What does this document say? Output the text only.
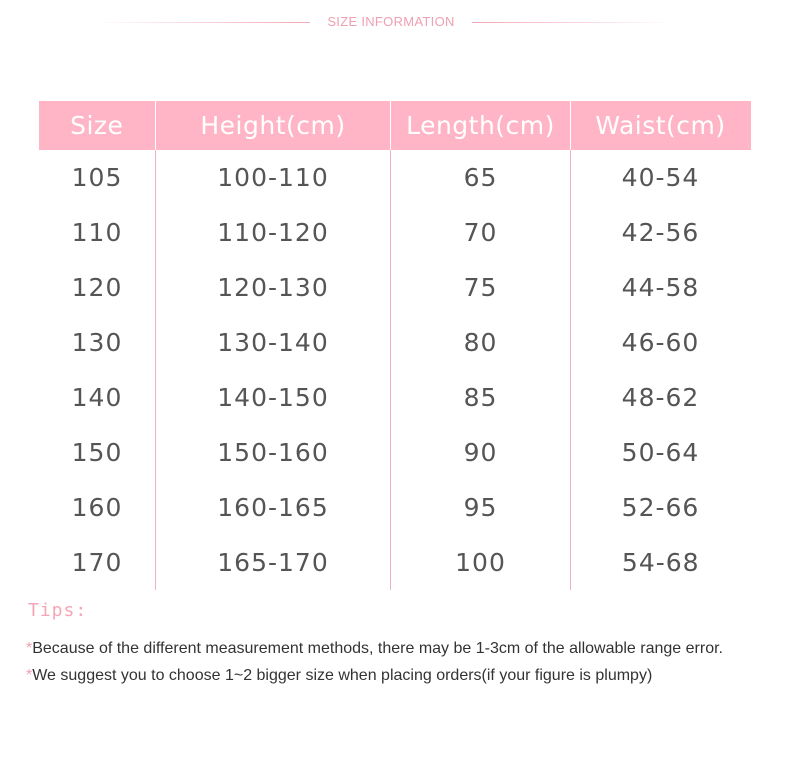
SIZE INFORMATION
Size	Height(cm)	Length(cm)	Waist(cm)
105	100-110	65	40-54
110	110-120	70	42-56
120	120-130	75	44-58
130	130-140	80	46-60
140	140-150	85	48-62
150	150-160	90	50-64
160	160-165	95	52-66
170	165-170	100	54-68
Tips:
*Because of the different measurement methods, there may be 1-3cm of the allowable range error.
*We suggest you to choose 1~2 bigger size when placing orders(if your figure is plumpy)
